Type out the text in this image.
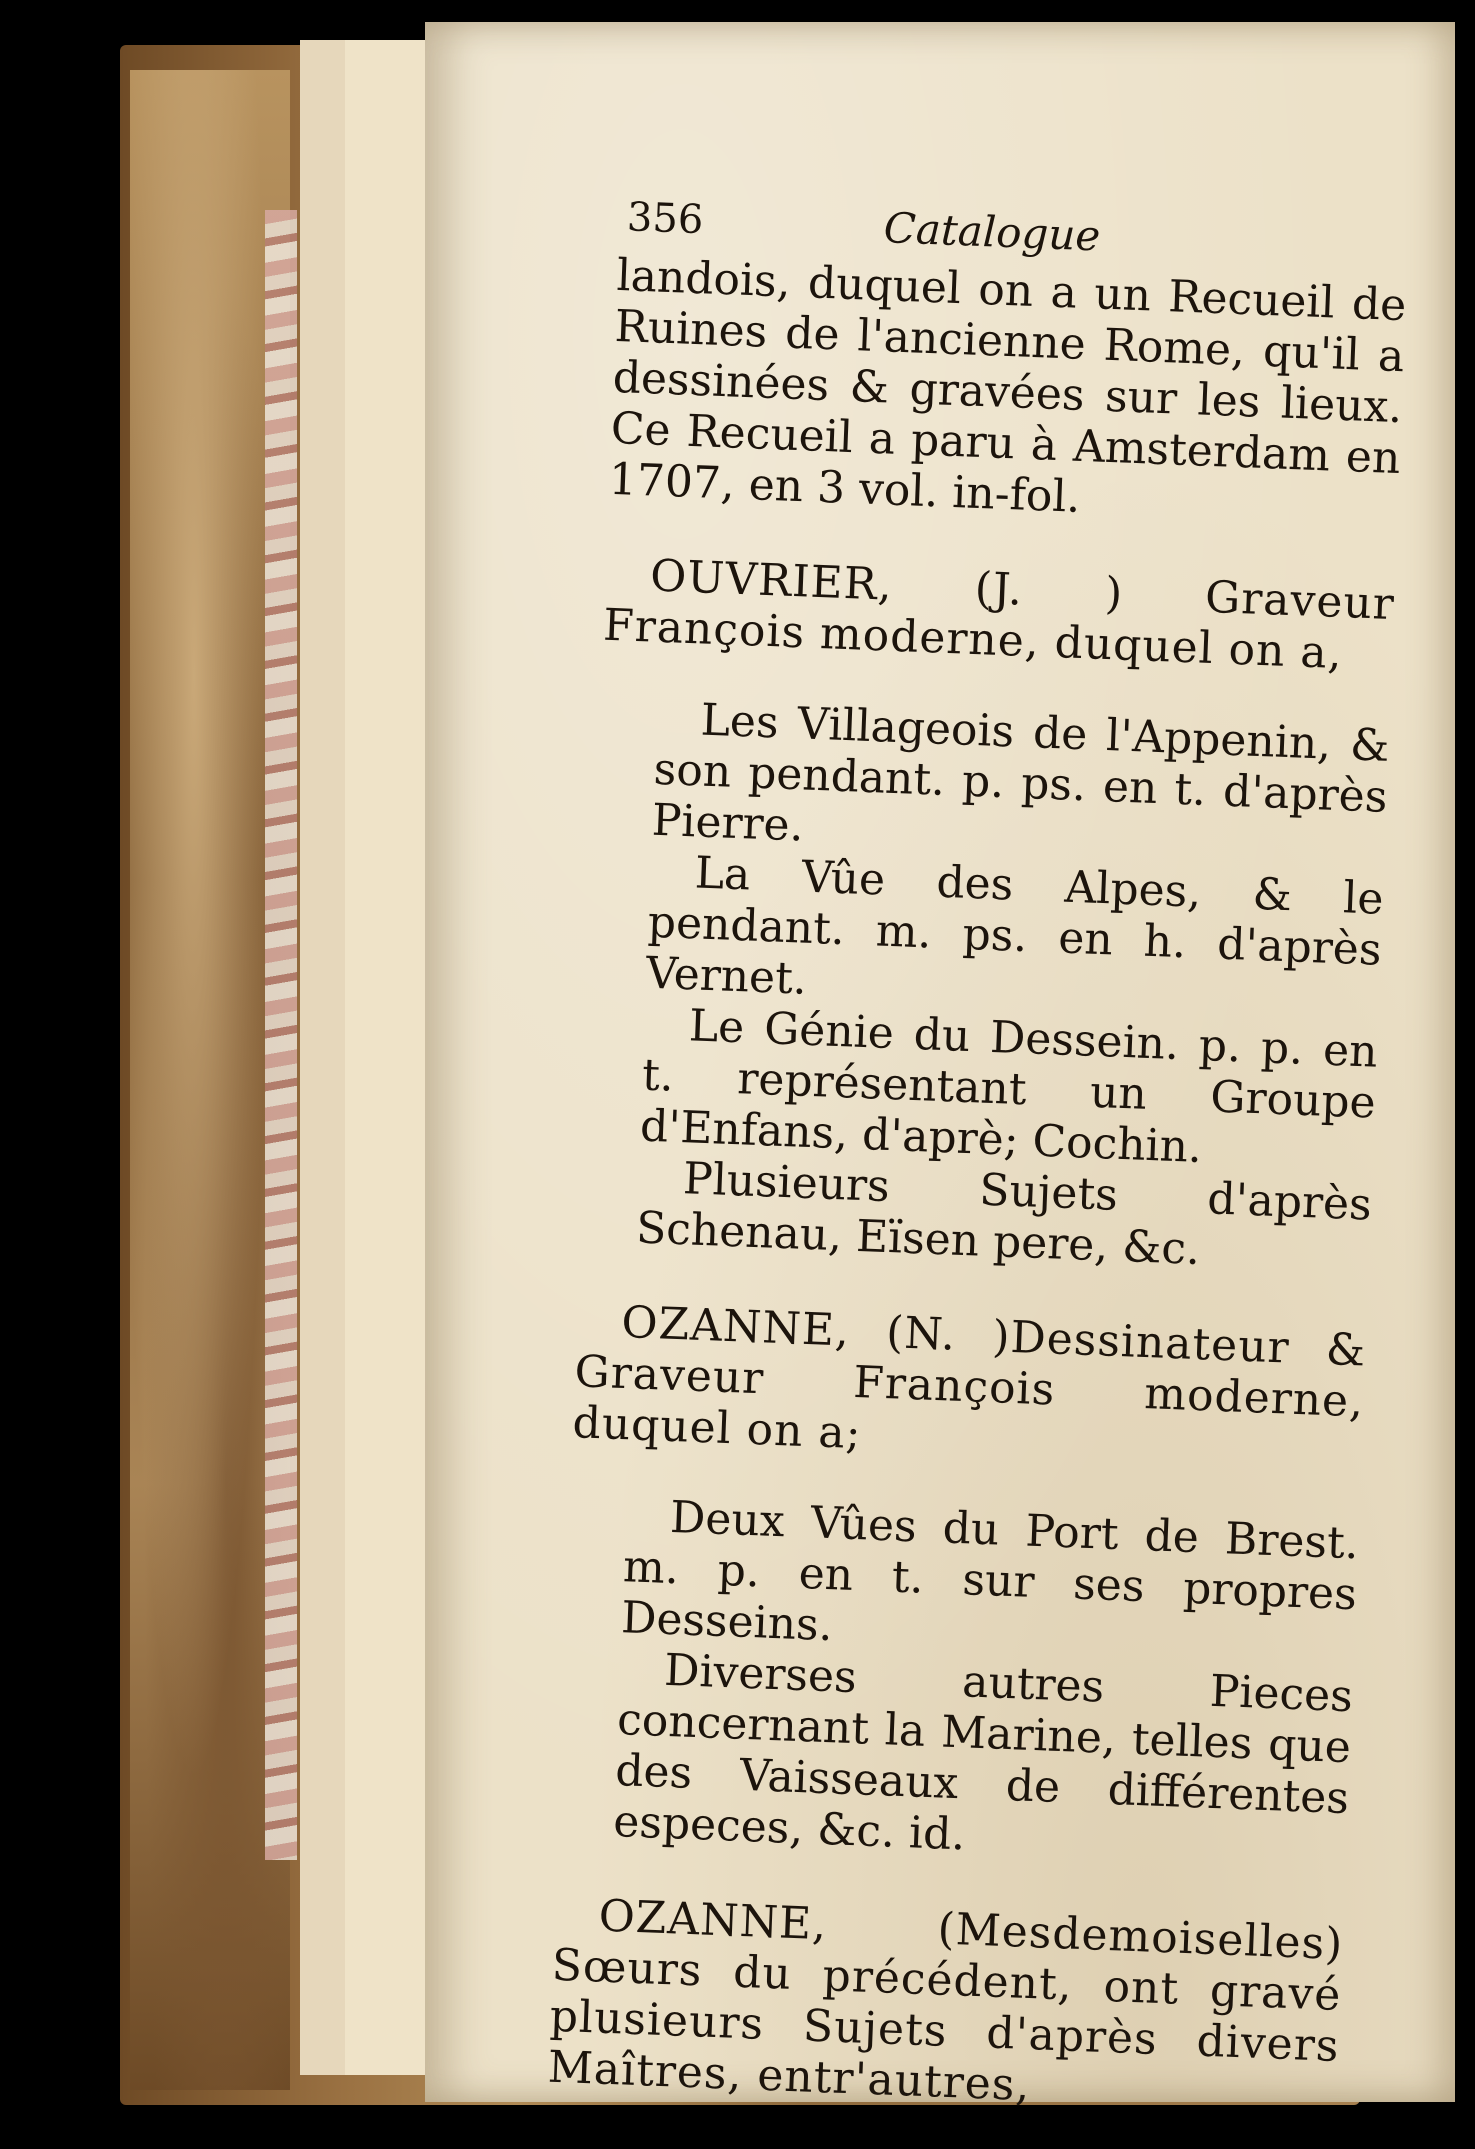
356	Catalogue

landois, duquel on a un Recueil de Ruines de l'ancienne Rome, qu'il a dessinées & gravées sur les lieux. Ce Recueil a paru à Amsterdam en 1707, en 3 vol. in-fol.

OUVRIER, (J. ) Graveur François moderne, duquel on a,

Les Villageois de l'Appenin, & son pendant. p. ps. en t. d'après Pierre.

La Vûe des Alpes, & le pendant. m. ps. en h. d'après Vernet.

Le Génie du Dessein. p. p. en t. représentant un Groupe d'Enfans, d'aprè; Cochin.

Plusieurs Sujets d'après Schenau, Eïsen pere, &c.

OZANNE, (N. )Dessinateur & Graveur François moderne, duquel on a;

Deux Vûes du Port de Brest. m. p. en t. sur ses propres Desseins.

Diverses autres Pieces concernant la Marine, telles que des Vaisseaux de différentes especes, &c. id.

OZANNE, (Mesdemoiselles) Sœurs du précédent, ont gravé plusieurs Sujets d'après divers Maîtres, entr'autres,
